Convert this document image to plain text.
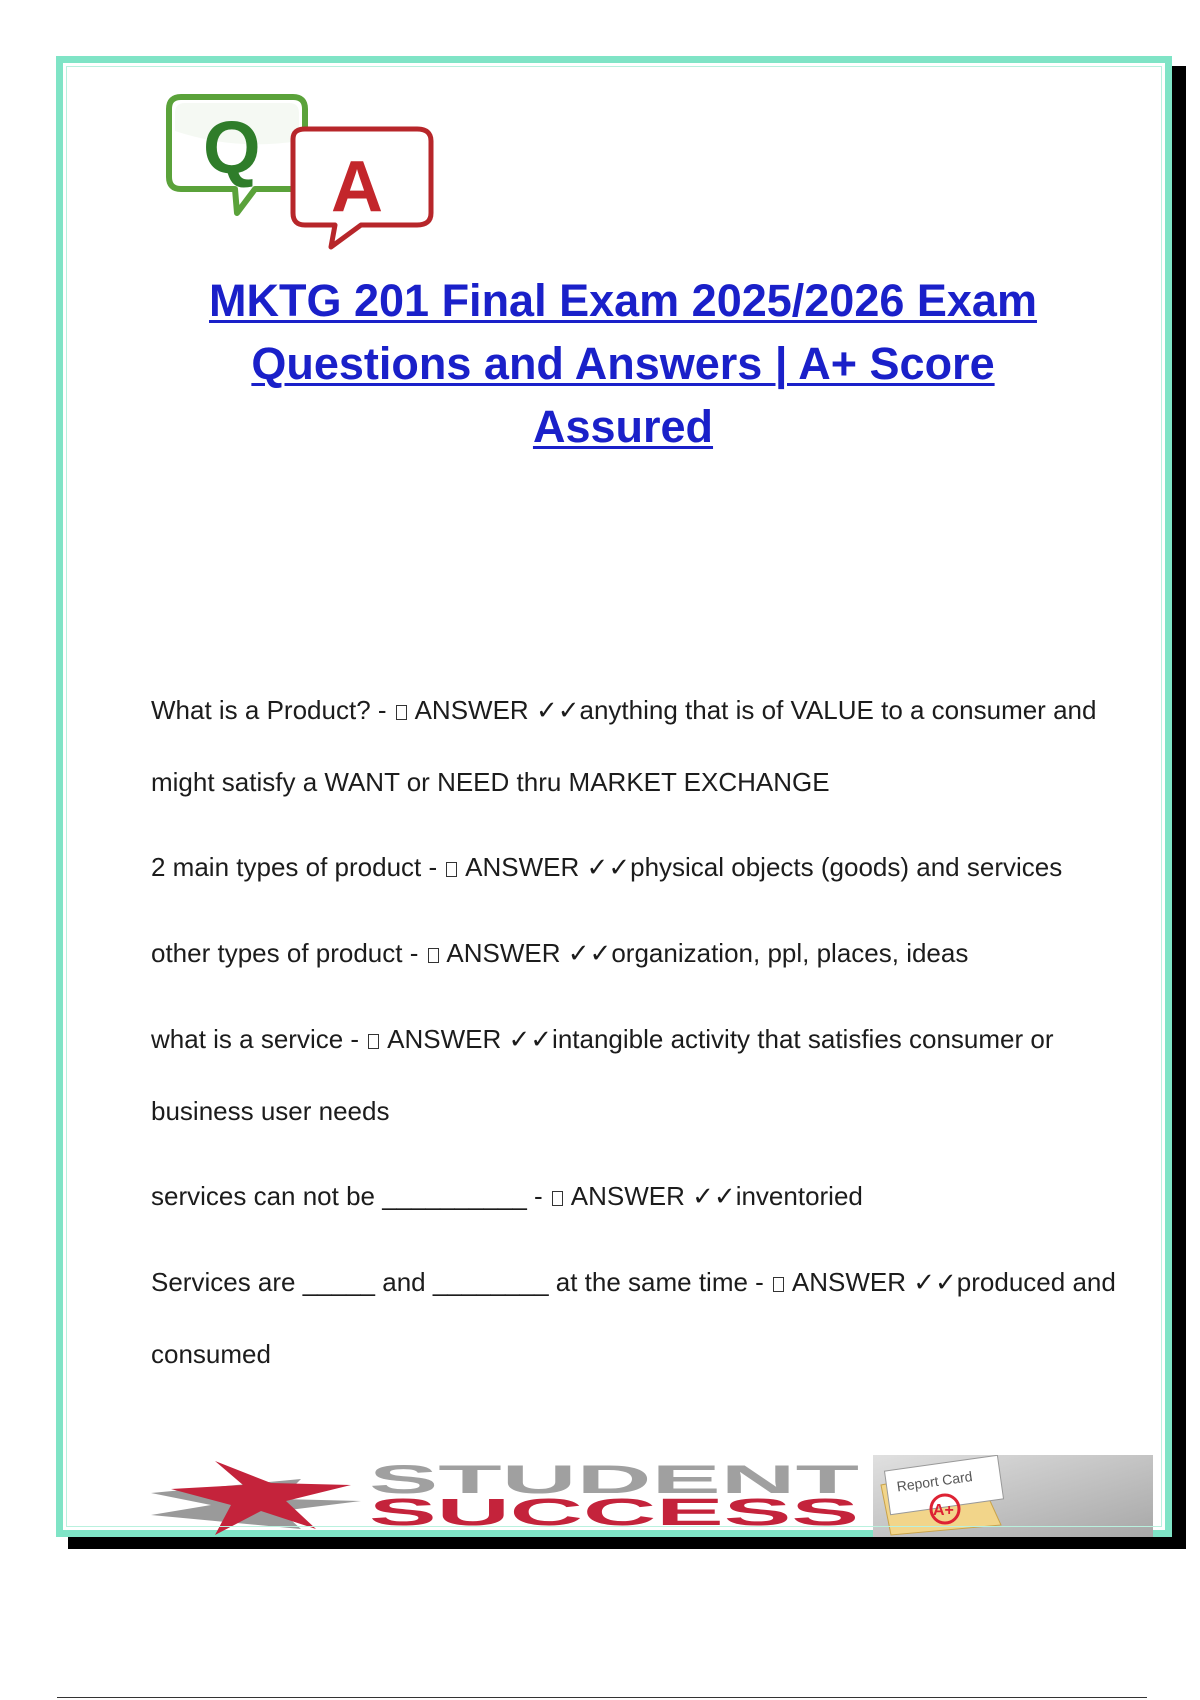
Q A
MKTG 201 Final Exam 2025/2026 Exam Questions and Answers | A+ Score Assured

What is a Product? - ANSWER ✓✓anything that is of VALUE to a consumer and might satisfy a WANT or NEED thru MARKET EXCHANGE

2 main types of product - ANSWER ✓✓physical objects (goods) and services

other types of product - ANSWER ✓✓organization, ppl, places, ideas

what is a service - ANSWER ✓✓intangible activity that satisfies consumer or business user needs

services can not be __________ - ANSWER ✓✓inventoried

Services are _____ and ________ at the same time - ANSWER ✓✓produced and consumed

STUDENT
SUCCESS
Report Card
A+
